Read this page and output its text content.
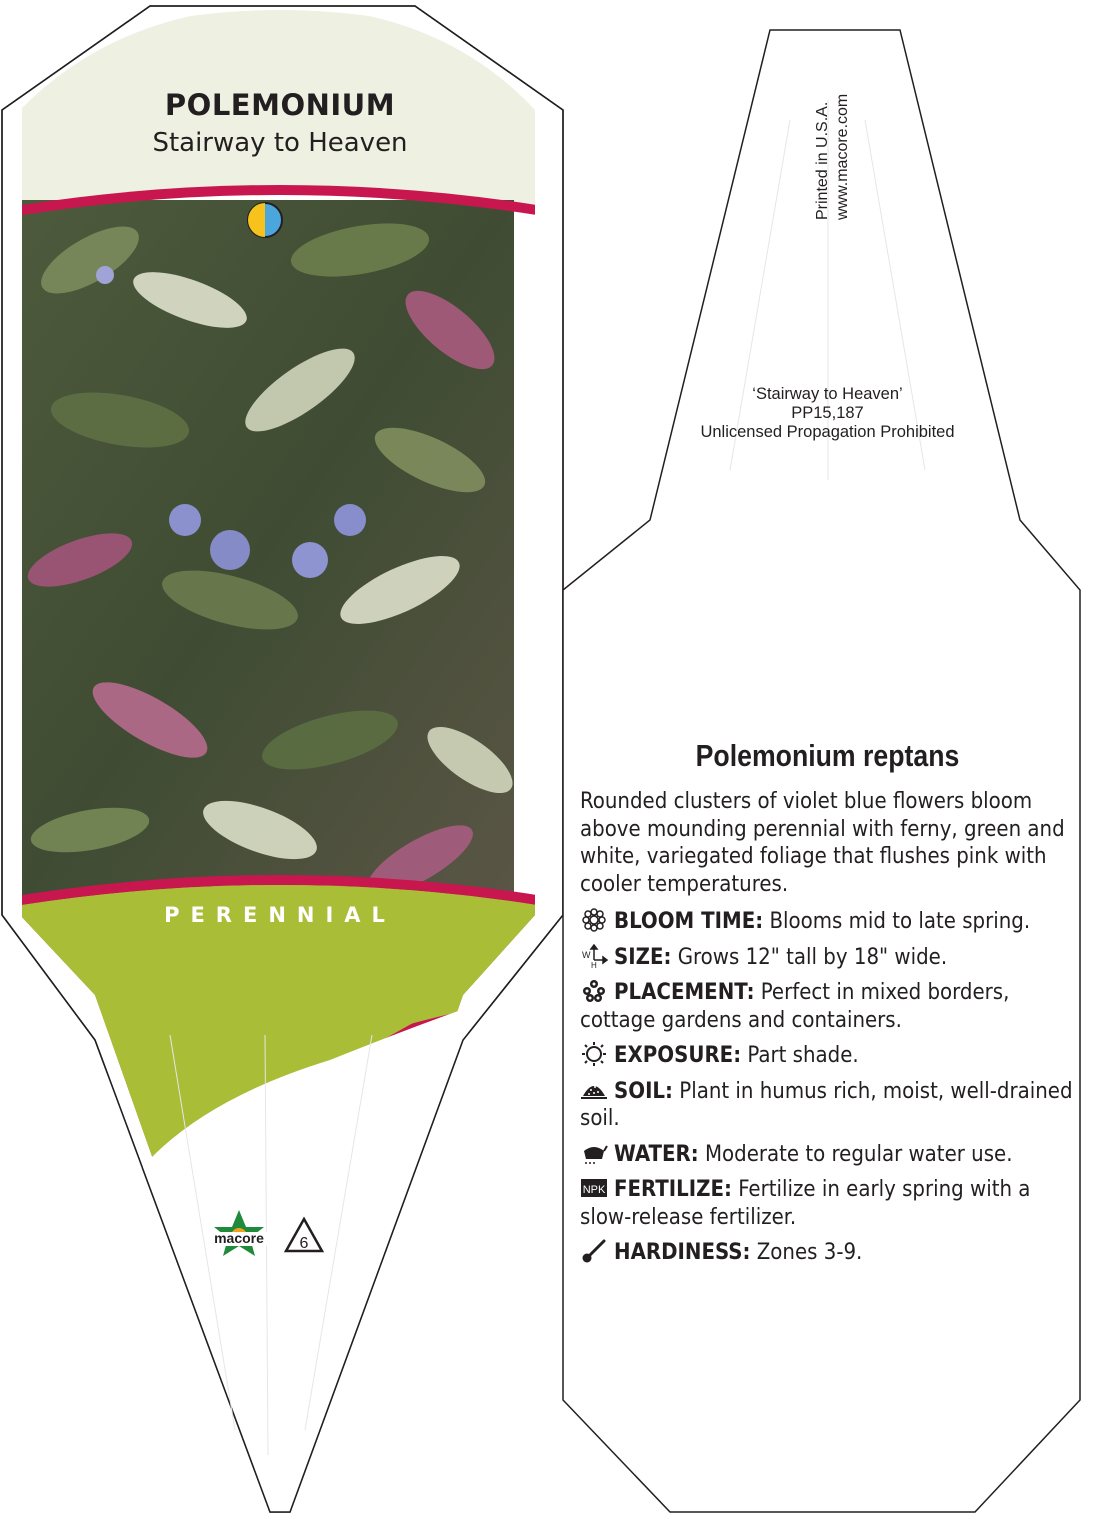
POLEMONIUM
Stairway to Heaven
PERENNIAL
macore 6
Printed in U.S.A. www.macore.com
‘Stairway to Heaven’
PP15,187
Unlicensed Propagation Prohibited
Polemonium reptans
Rounded clusters of violet blue flowers bloom above mounding perennial with ferny, green and white, variegated foliage that flushes pink with cooler temperatures.
BLOOM TIME: Blooms mid to late spring.
W
H SIZE: Grows 12" tall by 18" wide.
PLACEMENT: Perfect in mixed borders, cottage gardens and containers.
EXPOSURE: Part shade.
SOIL: Plant in humus rich, moist, well-drained soil.
WATER: Moderate to regular water use.
NPK FERTILIZE: Fertilize in early spring with a slow-release fertilizer.
HARDINESS: Zones 3-9.
